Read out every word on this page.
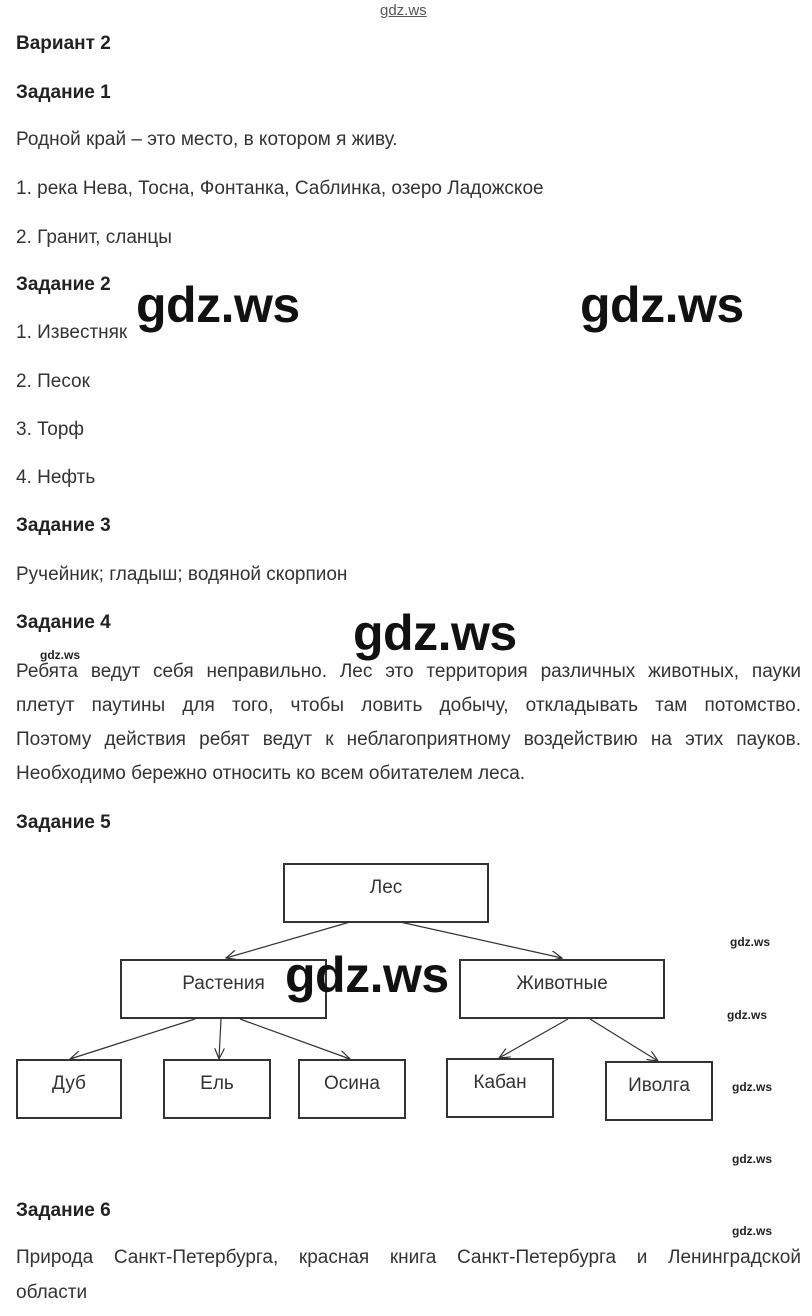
gdz.ws
Вариант 2
Задание 1
Родной край – это место, в котором я живу.
1. река Нева, Тосна, Фонтанка, Саблинка, озеро Ладожское
2. Гранит, сланцы
Задание 2
1. Известняк
2. Песок
3. Торф
4. Нефть
gdz.ws	gdz.ws
Задание 3
Ручейник; гладыш; водяной скорпион
Задание 4	gdz.ws
gdz.ws
Ребята ведут себя неправильно. Лес это территория различных животных, пауки
плетут паутины для того, чтобы ловить добычу, откладывать там потомство.
Поэтому действия ребят ведут к неблагоприятному воздействию на этих пауков.
Необходимо бережно относить ко всем обитателем леса.
Задание 5
Лес
Растения	Животные
Дуб	Ель	Осина	Кабан	Иволга
gdz.ws
gdz.ws
gdz.ws
gdz.ws
gdz.ws
gdz.ws
Задание 6
Природа Санкт-Петербурга, красная книга Санкт-Петербурга и Ленинградской
области
